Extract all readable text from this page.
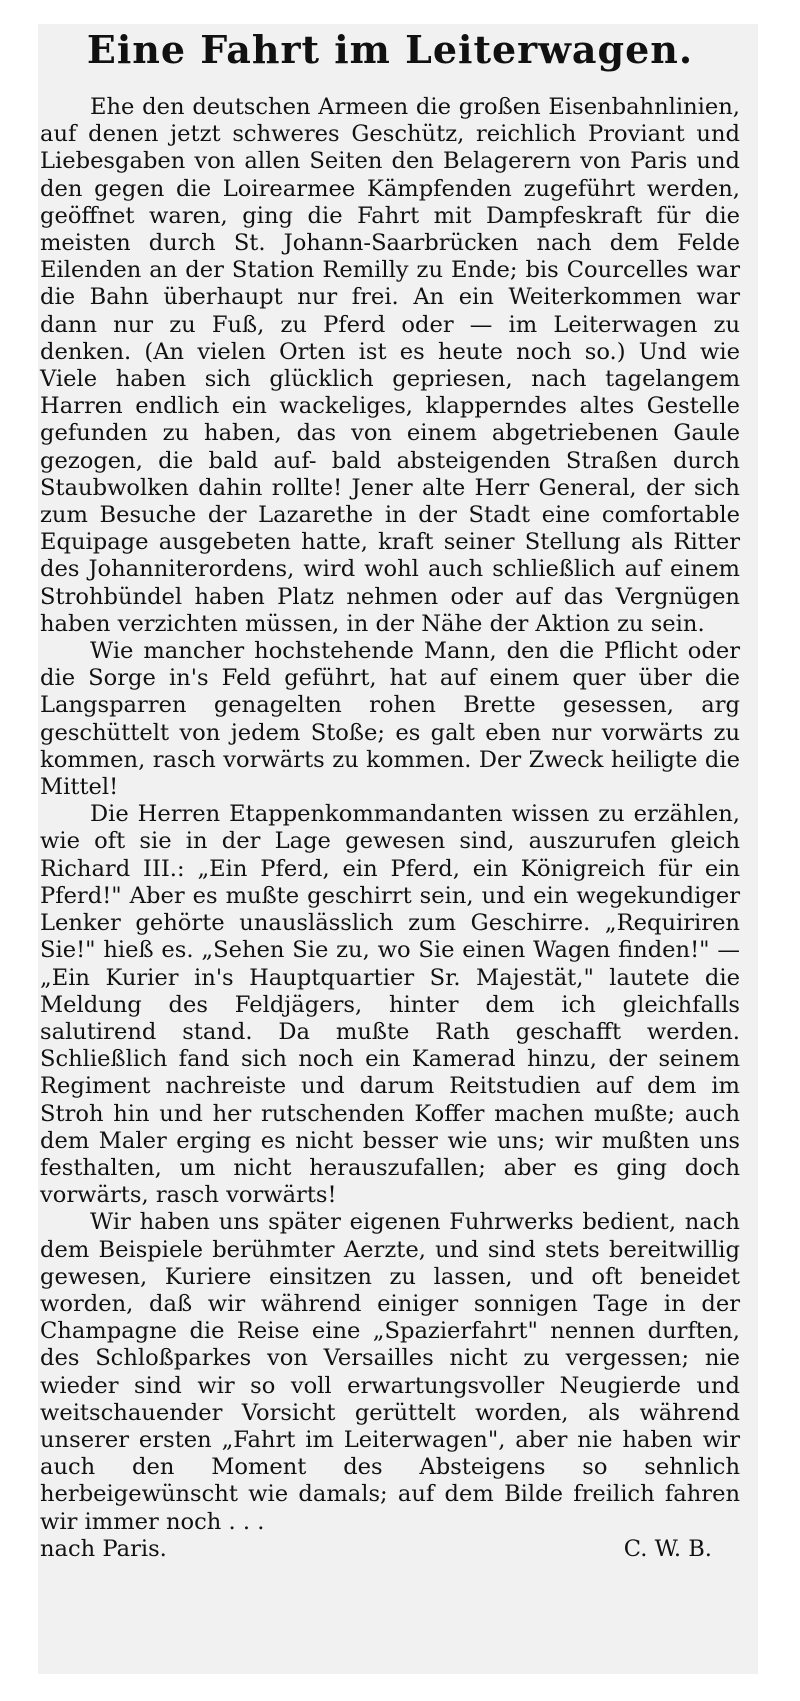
Eine Fahrt im Leiterwagen.

Ehe den deutschen Armeen die großen Eisenbahnlinien, auf denen jetzt schweres Geschütz, reichlich Proviant und Liebesgaben von allen Seiten den Belagerern von Paris und den gegen die Loirearmee Kämpfenden zugeführt werden, geöffnet waren, ging die Fahrt mit Dampfeskraft für die meisten durch St. Johann-Saarbrücken nach dem Felde Eilenden an der Station Remilly zu Ende; bis Courcelles war die Bahn überhaupt nur frei. An ein Weiterkommen war dann nur zu Fuß, zu Pferd oder — im Leiterwagen zu denken. (An vielen Orten ist es heute noch so.) Und wie Viele haben sich glücklich gepriesen, nach tagelangem Harren endlich ein wackeliges, klapperndes altes Gestelle gefunden zu haben, das von einem abgetriebenen Gaule gezogen, die bald auf- bald absteigenden Straßen durch Staubwolken dahin rollte! Jener alte Herr General, der sich zum Besuche der Lazarethe in der Stadt eine comfortable Equipage ausgebeten hatte, kraft seiner Stellung als Ritter des Johanniterordens, wird wohl auch schließlich auf einem Strohbündel haben Platz nehmen oder auf das Vergnügen haben verzichten müssen, in der Nähe der Aktion zu sein.

Wie mancher hochstehende Mann, den die Pflicht oder die Sorge in's Feld geführt, hat auf einem quer über die Langsparren genagelten rohen Brette gesessen, arg geschüttelt von jedem Stoße; es galt eben nur vorwärts zu kommen, rasch vorwärts zu kommen. Der Zweck heiligte die Mittel!

Die Herren Etappenkommandanten wissen zu erzählen, wie oft sie in der Lage gewesen sind, auszurufen gleich Richard III.: „Ein Pferd, ein Pferd, ein Königreich für ein Pferd!" Aber es mußte geschirrt sein, und ein wegekundiger Lenker gehörte unauslässlich zum Geschirre. „Requiriren Sie!" hieß es. „Sehen Sie zu, wo Sie einen Wagen finden!" — „Ein Kurier in's Hauptquartier Sr. Majestät," lautete die Meldung des Feldjägers, hinter dem ich gleichfalls salutirend stand. Da mußte Rath geschafft werden. Schließlich fand sich noch ein Kamerad hinzu, der seinem Regiment nachreiste und darum Reitstudien auf dem im Stroh hin und her rutschenden Koffer machen mußte; auch dem Maler erging es nicht besser wie uns; wir mußten uns festhalten, um nicht herauszufallen; aber es ging doch vorwärts, rasch vorwärts!

Wir haben uns später eigenen Fuhrwerks bedient, nach dem Beispiele berühmter Aerzte, und sind stets bereitwillig gewesen, Kuriere einsitzen zu lassen, und oft beneidet worden, daß wir während einiger sonnigen Tage in der Champagne die Reise eine „Spazierfahrt" nennen durften, des Schloßparkes von Versailles nicht zu vergessen; nie wieder sind wir so voll erwartungsvoller Neugierde und weitschauender Vorsicht gerüttelt worden, als während unserer ersten „Fahrt im Leiterwagen", aber nie haben wir auch den Moment des Absteigens so sehnlich herbeigewünscht wie damals; auf dem Bilde freilich fahren wir immer noch . . .

nach Paris.	C. W. B.
